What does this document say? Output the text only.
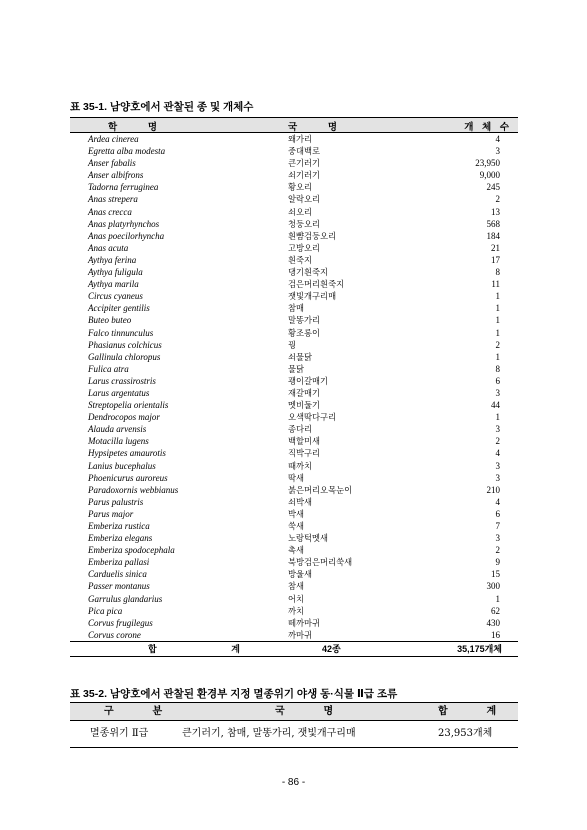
표 35-1. 남양호에서 관찰된 종 및 개체수
학 명	국 명	개 체 수
Ardea cinerea	왜가리	4
Egretta alba modesta	중대백로	3
Anser fabalis	큰기러기	23,950
Anser albifrons	쇠기러기	9,000
Tadorna ferruginea	황오리	245
Anas strepera	알락오리	2
Anas crecca	쇠오리	13
Anas platyrhynchos	청둥오리	568
Anas poecilorhyncha	흰뺨검둥오리	184
Anas acuta	고방오리	21
Aythya ferina	흰죽지	17
Aythya fuligula	댕기흰죽지	8
Aythya marila	검은머리흰죽지	11
Circus cyaneus	잿빛개구리매	1
Accipiter gentilis	참매	1
Buteo buteo	말똥가리	1
Falco tinnunculus	황조롱이	1
Phasianus colchicus	꿩	2
Gallinula chloropus	쇠물닭	1
Fulica atra	물닭	8
Larus crassirostris	괭이갈매기	6
Larus argentatus	재갈매기	3
Streptopelia orientalis	멧비둘기	44
Dendrocopos major	오색딱다구리	1
Alauda arvensis	종다리	3
Motacilla lugens	백할미새	2
Hypsipetes amaurotis	직박구리	4
Lanius bucephalus	때까치	3
Phoenicurus auroreus	딱새	3
Paradoxornis webbianus	붉은머리오목눈이	210
Parus palustris	쇠박새	4
Parus major	박새	6
Emberiza rustica	쑥새	7
Emberiza elegans	노랑턱멧새	3
Emberiza spodocephala	촉새	2
Emberiza pallasi	북방검은머리쑥새	9
Carduelis sinica	방울새	15
Passer montanus	참새	300
Garrulus glandarius	어치	1
Pica pica	까치	62
Corvus frugilegus	떼까마귀	430
Corvus corone	까마귀	16
합 계	42종	35,175개체
표 35-2. 남양호에서 관찰된 환경부 지정 멸종위기 야생 동·식물 Ⅱ급 조류
구 분	국 명	합 계
멸종위기 Ⅱ급	큰기러기, 참매, 말똥가리, 잿빛개구리매	23,953개체
- 86 -
